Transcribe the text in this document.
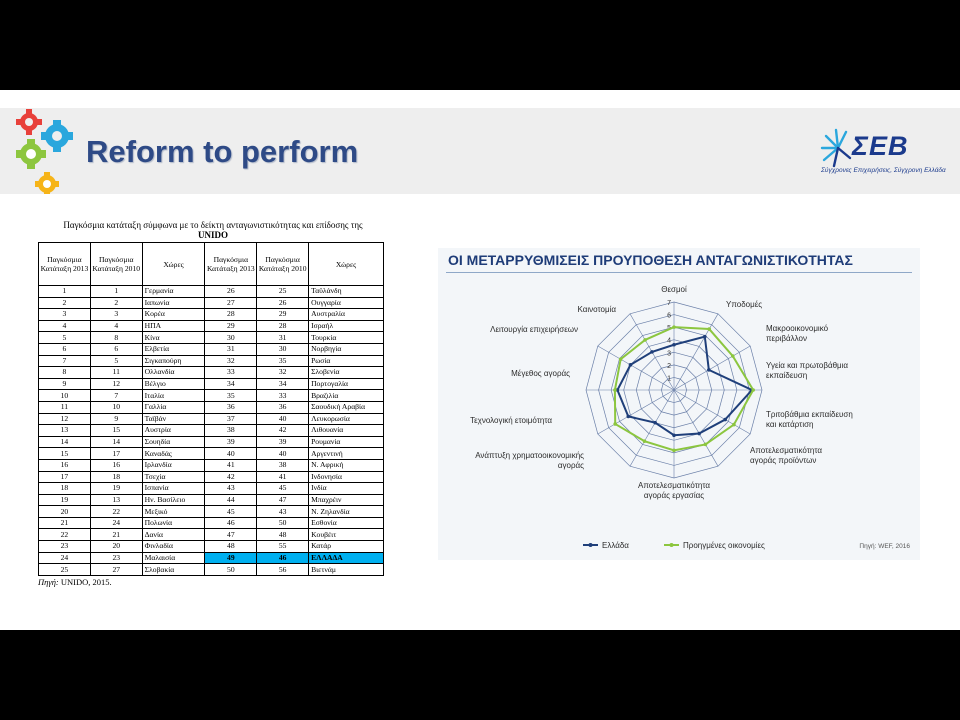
Reform to perform	ΣΕΒ
Σύγχρονες Επιχειρήσεις, Σύγχρονη Ελλάδα
Παγκόσμια κατάταξη σύμφωνα με το δείκτη ανταγωνιστικότητας και επίδοσης της
UNIDO
Παγκόσμια Κατάταξη 2013	Παγκόσμια Κατάταξη 2010	Χώρες	Παγκόσμια Κατάταξη 2013	Παγκόσμια Κατάταξη 2010	Χώρες
1	1	Γερμανία	26	25	Ταϋλάνδη
2	2	Ιαπωνία	27	26	Ουγγαρία
3	3	Κορέα	28	29	Αυστραλία
4	4	ΗΠΑ	29	28	Ισραήλ
5	8	Κίνα	30	31	Τουρκία
6	6	Ελβετία	31	30	Νορβηγία
7	5	Σιγκαπούρη	32	35	Ρωσία
8	11	Ολλανδία	33	32	Σλοβενία
9	12	Βέλγιο	34	34	Πορτογαλία
10	7	Ιταλία	35	33	Βραζιλία
11	10	Γαλλία	36	36	Σαουδική Αραβία
12	9	Ταϊβάν	37	40	Λευκορωσία
13	15	Αυστρία	38	42	Λιθουανία
14	14	Σουηδία	39	39	Ρουμανία
15	17	Καναδάς	40	40	Αργεντινή
16	16	Ιρλανδία	41	38	Ν. Αφρική
17	18	Τσεχία	42	41	Ινδονησία
18	19	Ισπανία	43	45	Ινδία
19	13	Ην. Βασίλειο	44	47	Μπαχρέιν
20	22	Μεξικό	45	43	Ν. Ζηλανδία
21	24	Πολωνία	46	50	Εσθονία
22	21	Δανία	47	48	Κουβέιτ
23	20	Φινλαδία	48	55	Κατάρ
24	23	Μαλαισία	49	46	ΕΛΛΑΔΑ
25	27	Σλοβακία	50	56	Βιετνάμ
Πηγή: UNIDO, 2015.
ΟΙ ΜΕΤΑΡΡΥΘΜΙΣΕΙΣ ΠΡΟΥΠΟΘΕΣΗ ΑΝΤΑΓΩΝΙΣΤΙΚΟΤΗΤΑΣ
1
2
3
4
5
6
7
Θεσμοί
Υποδομές
Μακροοικονομικό περιβάλλον
Υγεία και πρωτοβάθμια εκπαίδευση
Τριτοβάθμια εκπαίδευση και κατάρτιση
Αποτελεσματικότητα αγοράς προϊόντων
Αποτελεσματικότητα αγοράς εργασίας
Ανάπτυξη χρηματοοικονομικής αγοράς
Τεχνολογική ετοιμότητα
Μέγεθος αγοράς
Λειτουργία επιχειρήσεων
Καινοτομία
Ελλάδα	Προηγμένες οικονομίες	Πηγή: WEF, 2016
